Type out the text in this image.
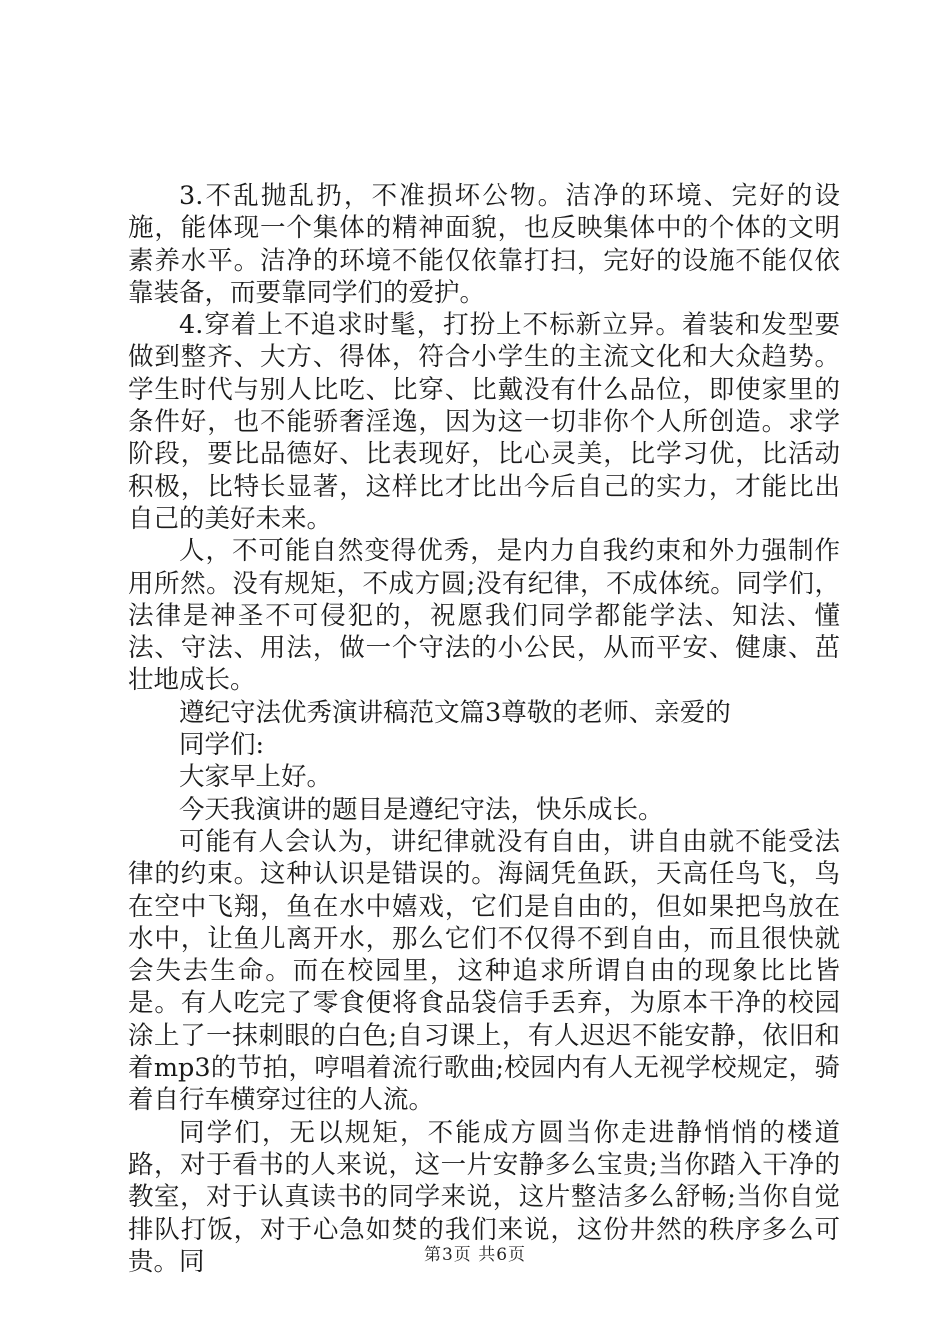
3.不乱抛乱扔，不准损坏公物。洁净的环境、完好的设施，能体现一个集体的精神面貌，也反映集体中的个体的文明素养水平。洁净的环境不能仅依靠打扫，完好的设施不能仅依靠装备，而要靠同学们的爱护。

4.穿着上不追求时髦，打扮上不标新立异。着装和发型要做到整齐、大方、得体，符合小学生的主流文化和大众趋势。学生时代与别人比吃、比穿、比戴没有什么品位，即使家里的条件好，也不能骄奢淫逸，因为这一切非你个人所创造。求学阶段，要比品德好、比表现好，比心灵美，比学习优，比活动积极，比特长显著，这样比才比出今后自己的实力，才能比出自己的美好未来。

人，不可能自然变得优秀，是内力自我约束和外力强制作用所然。没有规矩，不成方圆;没有纪律，不成体统。同学们，法律是神圣不可侵犯的，祝愿我们同学都能学法、知法、懂法、守法、用法，做一个守法的小公民，从而平安、健康、茁壮地成长。

遵纪守法优秀演讲稿范文篇3尊敬的老师、亲爱的

同学们:

大家早上好。

今天我演讲的题目是遵纪守法，快乐成长。

可能有人会认为，讲纪律就没有自由，讲自由就不能受法律的约束。这种认识是错误的。海阔凭鱼跃，天高任鸟飞，鸟在空中飞翔，鱼在水中嬉戏，它们是自由的，但如果把鸟放在水中，让鱼儿离开水，那么它们不仅得不到自由，而且很快就会失去生命。而在校园里，这种追求所谓自由的现象比比皆是。有人吃完了零食便将食品袋信手丢弃，为原本干净的校园涂上了一抹刺眼的白色;自习课上，有人迟迟不能安静，依旧和着mp3的节拍，哼唱着流行歌曲;校园内有人无视学校规定，骑着自行车横穿过往的人流。

同学们，无以规矩，不能成方圆当你走进静悄悄的楼道路，对于看书的人来说，这一片安静多么宝贵;当你踏入干净的教室，对于认真读书的同学来说，这片整洁多么舒畅;当你自觉排队打饭，对于心急如焚的我们来说，这份井然的秩序多么可贵。同	第3页 共6页
